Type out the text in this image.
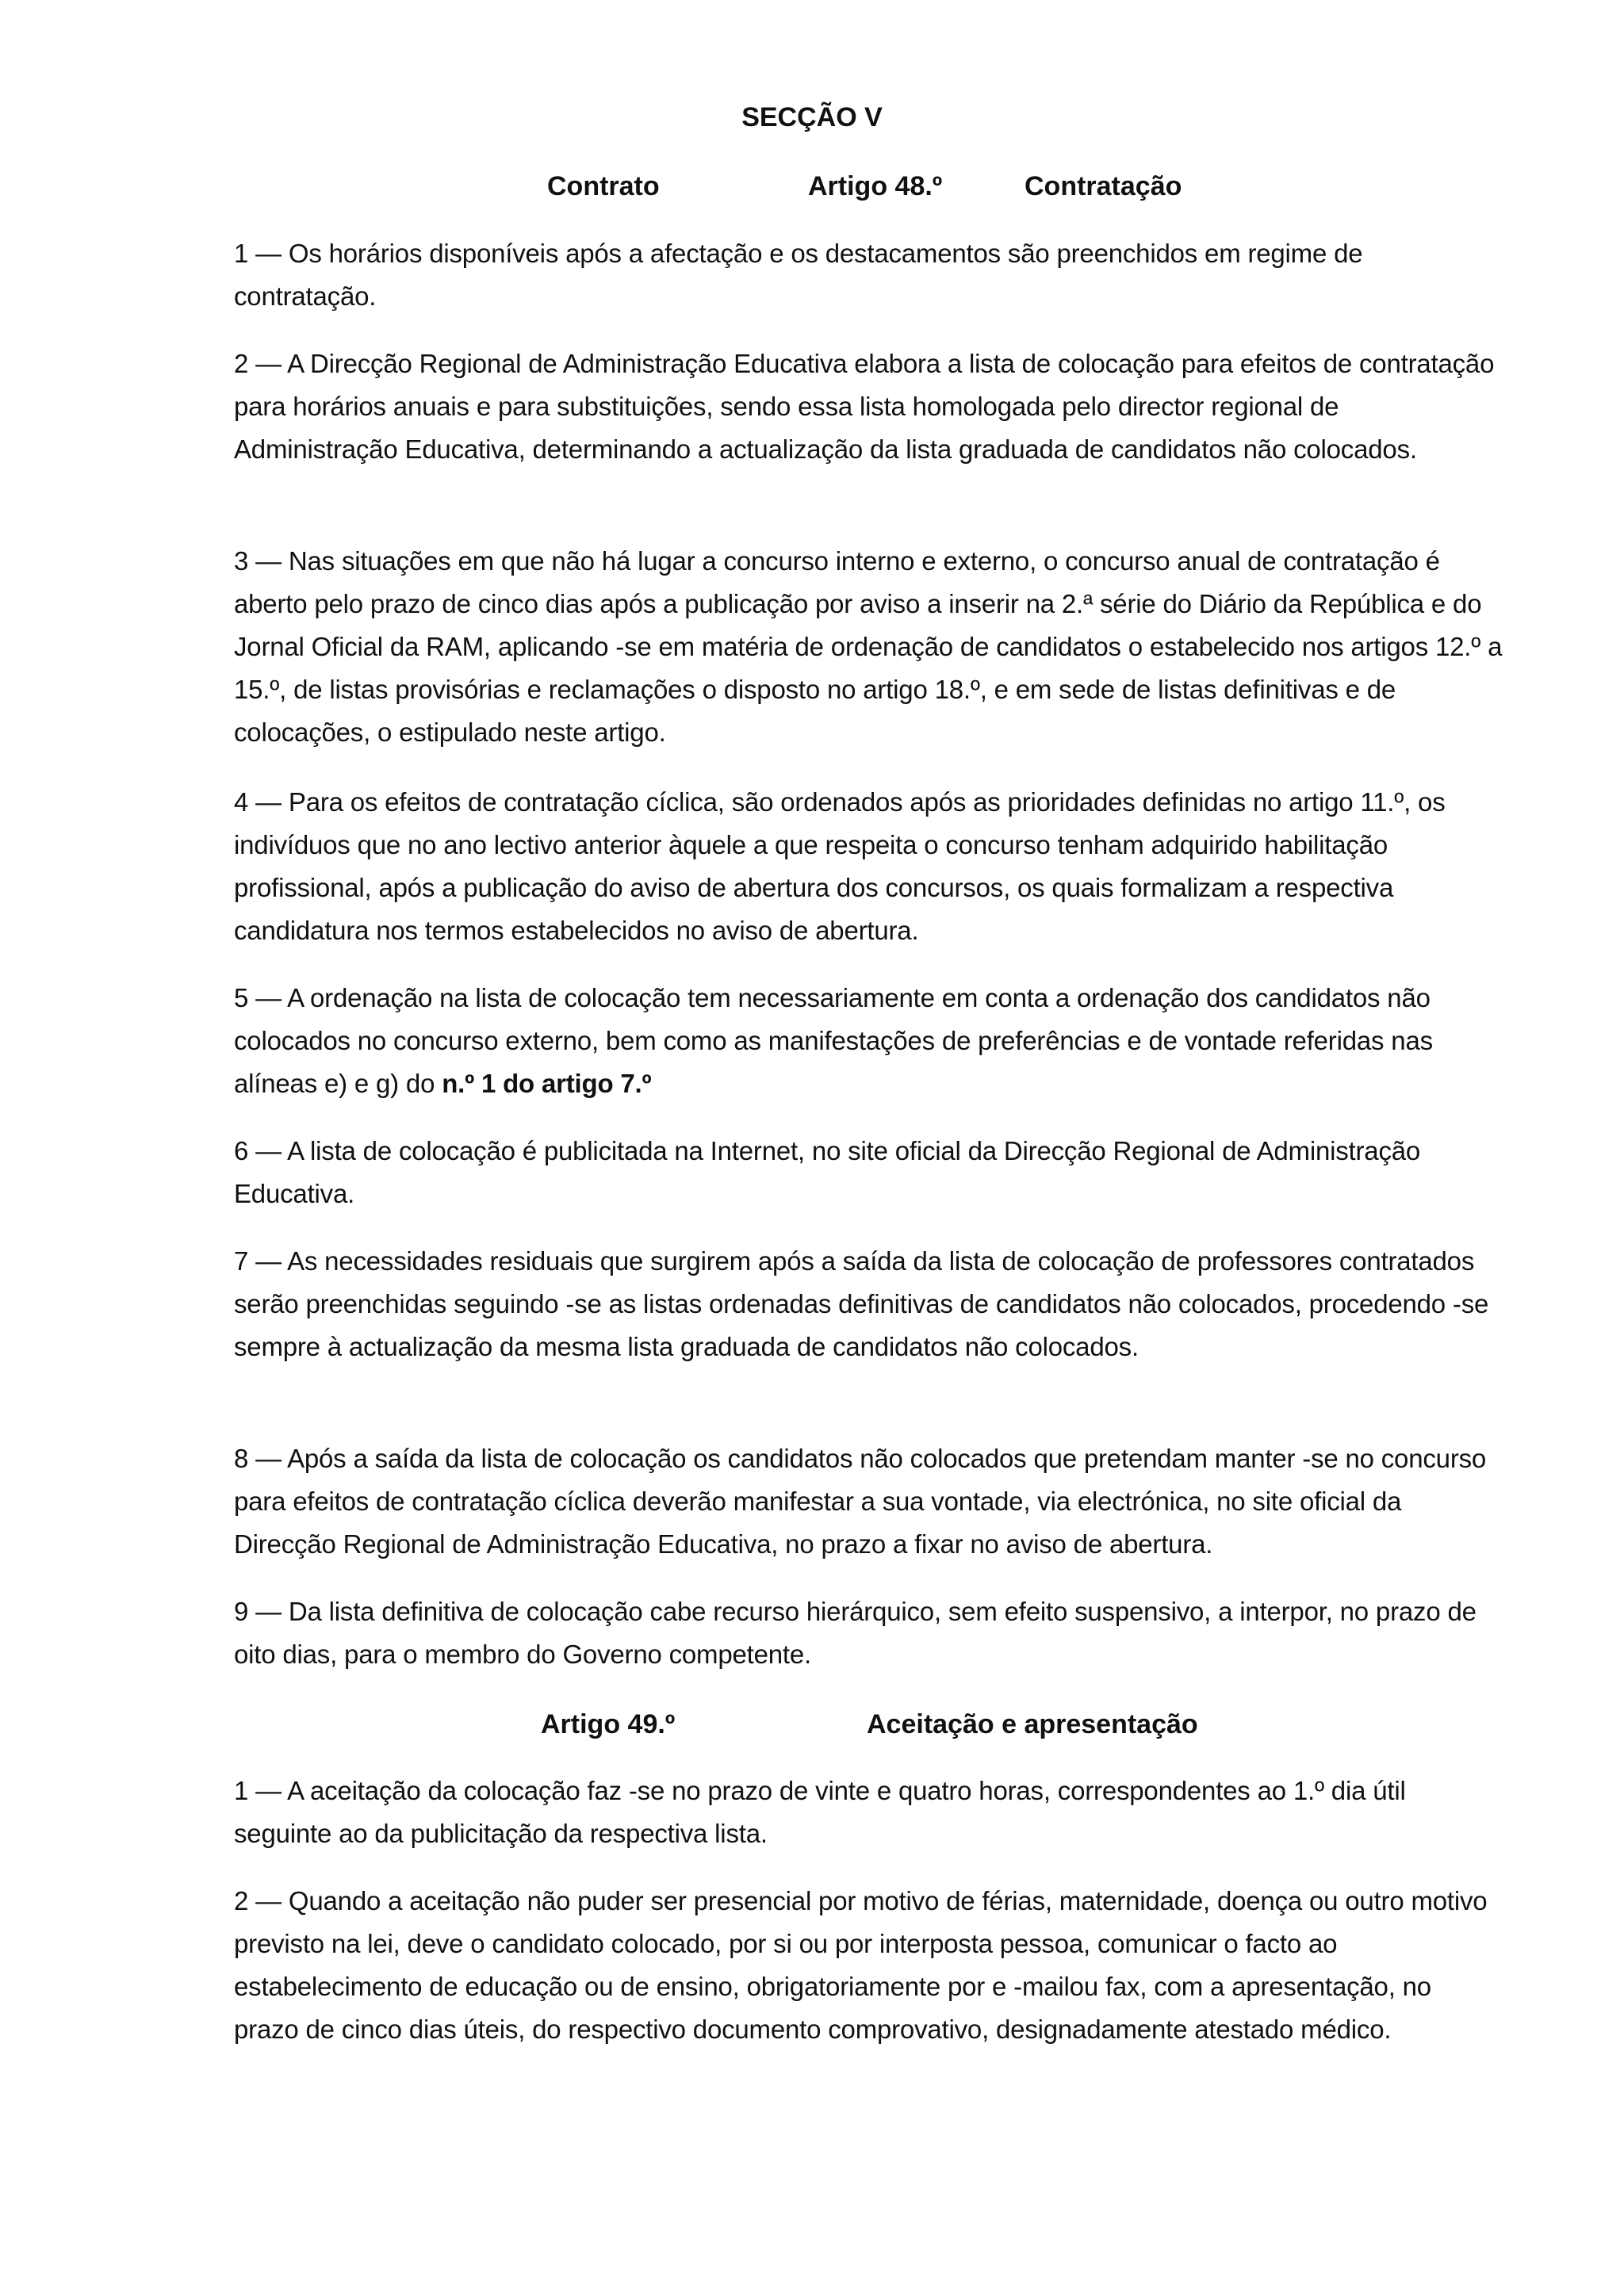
SECÇÃO V
Contrato	Artigo 48.º	Contratação

1 — Os horários disponíveis após a afectação e os destacamentos são preenchidos em regime de contratação.

2 — A Direcção Regional de Administração Educativa elabora a lista de colocação para efeitos de contratação para horários anuais e para substituições, sendo essa lista homologada pelo director regional de Administração Educativa, determinando a actualização da lista graduada de candidatos não colocados.

3 — Nas situações em que não há lugar a concurso interno e externo, o concurso anual de contratação é aberto pelo prazo de cinco dias após a publicação por aviso a inserir na 2.ª série do Diário da República e do Jornal Oficial da RAM, aplicando -se em matéria de ordenação de candidatos o estabelecido nos artigos 12.º a 15.º, de listas provisórias e reclamações o disposto no artigo 18.º, e em sede de listas definitivas e de colocações, o estipulado neste artigo.

4 — Para os efeitos de contratação cíclica, são ordenados após as prioridades definidas no artigo 11.º, os indivíduos que no ano lectivo anterior àquele a que respeita o concurso tenham adquirido habilitação profissional, após a publicação do aviso de abertura dos concursos, os quais formalizam a respectiva candidatura nos termos estabelecidos no aviso de abertura.

5 — A ordenação na lista de colocação tem necessariamente em conta a ordenação dos candidatos não colocados no concurso externo, bem como as manifestações de preferências e de vontade referidas nas alíneas e) e g) do n.º 1 do artigo 7.º

6 — A lista de colocação é publicitada na Internet, no site oficial da Direcção Regional de Administração Educativa.

7 — As necessidades residuais que surgirem após a saída da lista de colocação de professores contratados serão preenchidas seguindo -se as listas ordenadas definitivas de candidatos não colocados, procedendo -se sempre à actualização da mesma lista graduada de candidatos não colocados.

8 — Após a saída da lista de colocação os candidatos não colocados que pretendam manter -se no concurso para efeitos de contratação cíclica deverão manifestar a sua vontade, via electrónica, no site oficial da Direcção Regional de Administração Educativa, no prazo a fixar no aviso de abertura.

9 — Da lista definitiva de colocação cabe recurso hierárquico, sem efeito suspensivo, a interpor, no prazo de oito dias, para o membro do Governo competente.

Artigo 49.º	Aceitação e apresentação

1 — A aceitação da colocação faz -se no prazo de vinte e quatro horas, correspondentes ao 1.º dia útil seguinte ao da publicitação da respectiva lista.

2 — Quando a aceitação não puder ser presencial por motivo de férias, maternidade, doença ou outro motivo previsto na lei, deve o candidato colocado, por si ou por interposta pessoa, comunicar o facto ao estabelecimento de educação ou de ensino, obrigatoriamente por e -mailou fax, com a apresentação, no prazo de cinco dias úteis, do respectivo documento comprovativo, designadamente atestado médico.
